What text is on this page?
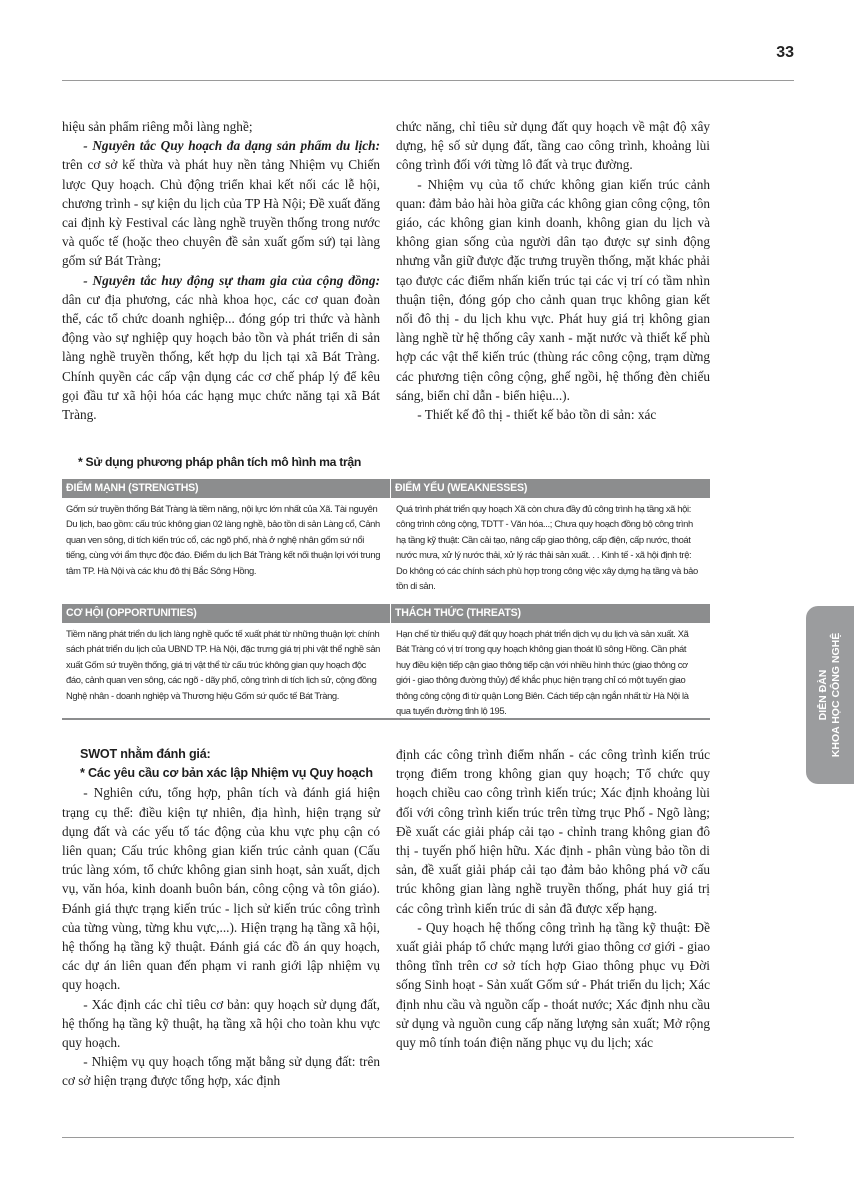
33

hiệu sản phẩm riêng mỗi làng nghề;

- Nguyên tắc Quy hoạch đa dạng sản phẩm du lịch: trên cơ sở kế thừa và phát huy nền tảng Nhiệm vụ Chiến lược Quy hoạch. Chủ động triển khai kết nối các lễ hội, chương trình - sự kiện du lịch của TP Hà Nội; Đề xuất đăng cai định kỳ Festival các làng nghề truyền thống trong nước và quốc tế (hoặc theo chuyên đề sản xuất gốm sứ) tại làng gốm sứ Bát Tràng;

- Nguyên tắc huy động sự tham gia của cộng đồng: dân cư địa phương, các nhà khoa học, các cơ quan đoàn thể, các tổ chức doanh nghiệp... đóng góp tri thức và hành động vào sự nghiệp quy hoạch bảo tồn và phát triển di sản làng nghề truyền thống, kết hợp du lịch tại xã Bát Tràng. Chính quyền các cấp vận dụng các cơ chế pháp lý để kêu gọi đầu tư xã hội hóa các hạng mục chức năng tại xã Bát Tràng.

chức năng, chỉ tiêu sử dụng đất quy hoạch về mật độ xây dựng, hệ số sử dụng đất, tầng cao công trình, khoảng lùi công trình đối với từng lô đất và trục đường.

- Nhiệm vụ của tổ chức không gian kiến trúc cảnh quan: đảm bảo hài hòa giữa các không gian công cộng, tôn giáo, các không gian kinh doanh, không gian du lịch và không gian sống của người dân tạo được sự sinh động nhưng vẫn giữ được đặc trưng truyền thống, mặt khác phải tạo được các điểm nhấn kiến trúc tại các vị trí có tầm nhìn thuận tiện, đóng góp cho cảnh quan trục không gian kết nối đô thị - du lịch khu vực. Phát huy giá trị không gian làng nghề từ hệ thống cây xanh - mặt nước và thiết kế phù hợp các vật thể kiến trúc (thùng rác công cộng, trạm dừng các phương tiện công cộng, ghế ngồi, hệ thống đèn chiếu sáng, biển chỉ dẫn - biển hiệu...).

- Thiết kế đô thị - thiết kế bảo tồn di sản: xác

* Sử dụng phương pháp phân tích mô hình ma trận
ĐIỂM MẠNH (STRENGTHS)	ĐIỂM YẾU (WEAKNESSES)
Gốm sứ truyền thống Bát Tràng là tiềm năng, nội lực lớn nhất của Xã. Tài nguyên Du lịch, bao gồm: cấu trúc không gian 02 làng nghề, bảo tồn di sản Làng cổ, Cảnh quan ven sông, di tích kiến trúc cổ, các ngõ phố, nhà ở nghệ nhân gốm sứ nổi tiếng, cùng với ẩm thực độc đáo. Điểm du lịch Bát Tràng kết nối thuận lợi với trung tâm TP. Hà Nội và các khu đô thị Bắc Sông Hồng.
Quá trình phát triển quy hoạch Xã còn chưa đầy đủ công trình hạ tầng xã hội: công trình công cộng, TDTT - Văn hóa...; Chưa quy hoạch đồng bộ công trình hạ tầng kỹ thuật: Cần cải tạo, nâng cấp giao thông, cấp điện, cấp nước, thoát nước mưa, xử lý nước thải, xử lý rác thải sản xuất. . . Kinh tế - xã hội định trệ: Do không có các chính sách phù hợp trong công việc xây dựng hạ tầng và bảo tồn di sản.
CƠ HỘI (OPPORTUNITIES)	THÁCH THỨC (THREATS)
Tiềm năng phát triển du lịch làng nghề quốc tế xuất phát từ những thuận lợi: chính sách phát triển du lịch của UBND TP. Hà Nội, đặc trưng giá trị phi vật thể nghề sản xuất Gốm sứ truyền thống, giá trị vật thể từ cấu trúc không gian quy hoạch độc đáo, cảnh quan ven sông, các ngõ - dãy phố, công trình di tích lịch sử, cộng đồng Nghệ nhân - doanh nghiệp và Thương hiệu Gốm sứ quốc tế Bát Tràng.
Hạn chế từ thiếu quỹ đất quy hoạch phát triển dịch vụ du lịch và sản xuất. Xã Bát Tràng có vị trí trong quy hoạch không gian thoát lũ sông Hồng. Cần phát huy điều kiện tiếp cận giao thông tiếp cận với nhiều hình thức (giao thông cơ giới - giao thông đường thủy) để khắc phục hiện trạng chỉ có một tuyến giao thông công cộng đi từ quận Long Biên. Cách tiếp cận ngắn nhất từ Hà Nội là qua tuyến đường tỉnh lộ 195.
SWOT nhằm đánh giá:
* Các yêu cầu cơ bản xác lập Nhiệm vụ Quy hoạch

- Nghiên cứu, tổng hợp, phân tích và đánh giá hiện trạng cụ thể: điều kiện tự nhiên, địa hình, hiện trạng sử dụng đất và các yếu tố tác động của khu vực phụ cận có liên quan; Cấu trúc không gian kiến trúc cảnh quan (Cấu trúc làng xóm, tổ chức không gian sinh hoạt, sản xuất, dịch vụ, văn hóa, kinh doanh buôn bán, công cộng và tôn giáo). Đánh giá thực trạng kiến trúc - lịch sử kiến trúc công trình của từng vùng, từng khu vực,...). Hiện trạng hạ tầng xã hội, hệ thống hạ tầng kỹ thuật. Đánh giá các đồ án quy hoạch, các dự án liên quan đến phạm vi ranh giới lập nhiệm vụ quy hoạch.

- Xác định các chỉ tiêu cơ bản: quy hoạch sử dụng đất, hệ thống hạ tầng kỹ thuật, hạ tầng xã hội cho toàn khu vực quy hoạch.

- Nhiệm vụ quy hoạch tổng mặt bằng sử dụng đất: trên cơ sở hiện trạng được tổng hợp, xác định

định các công trình điểm nhấn - các công trình kiến trúc trọng điểm trong không gian quy hoạch; Tổ chức quy hoạch chiều cao công trình kiến trúc; Xác định khoảng lùi đối với công trình kiến trúc trên từng trục Phố - Ngõ làng; Đề xuất các giải pháp cải tạo - chỉnh trang không gian đô thị - tuyến phố hiện hữu. Xác định - phân vùng bảo tồn di sản, đề xuất giải pháp cải tạo đảm bảo không phá vỡ cấu trúc không gian làng nghề truyền thống, phát huy giá trị các công trình kiến trúc di sản đã được xếp hạng.

- Quy hoạch hệ thống công trình hạ tầng kỹ thuật: Đề xuất giải pháp tổ chức mạng lưới giao thông cơ giới - giao thông tĩnh trên cơ sở tích hợp Giao thông phục vụ Đời sống Sinh hoạt - Sản xuất Gốm sứ - Phát triển du lịch; Xác định nhu cầu và nguồn cấp - thoát nước; Xác định nhu cầu sử dụng và nguồn cung cấp năng lượng sản xuất; Mở rộng quy mô tính toán điện năng phục vụ du lịch; xác

DIỄN ĐÀN KHOA HỌC CÔNG NGHỆ
